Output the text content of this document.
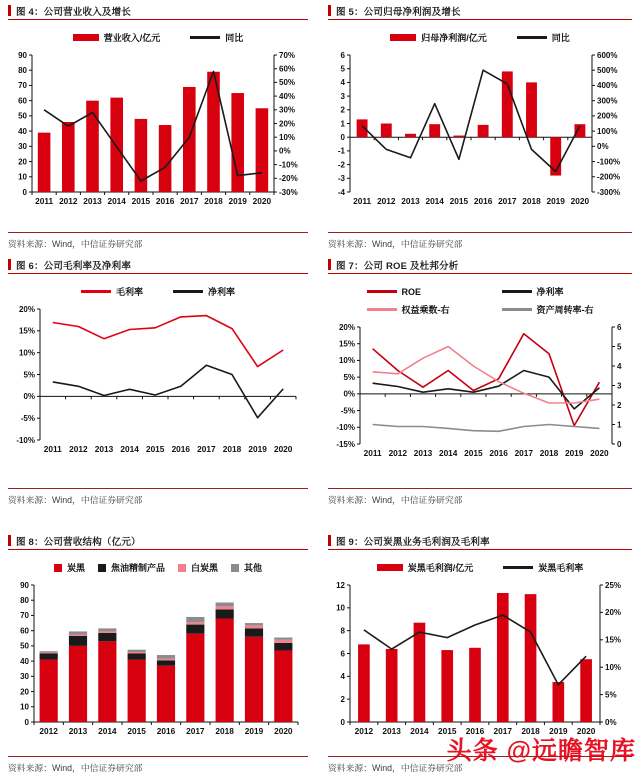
图 4：公司营业收入及增长
营业收入/亿元	同比
0
10
20
30
40
50
60
70
80
90
-30%
-20%
-10%
0%
10%
20%
30%
40%
50%
60%
70%
2011 2012 2013 2014 2015 2016 2017 2018 2019 2020
资料来源：Wind，中信证券研究部
图 5：公司归母净利润及增长
归母净利润/亿元	同比
-4
-3
-2
-1
0
1
2
3
4
5
6
-300%
-200%
-100%
0%
100%
200%
300%
400%
500%
600%
2011 2012 2013 2014 2015 2016 2017 2018 2019 2020
资料来源：Wind，中信证券研究部
图 6：公司毛利率及净利率
毛利率	净利率
-10%
-5%
0%
5%
10%
15%
20%
2011 2012 2013 2014 2015 2016 2017 2018 2019 2020
资料来源：Wind，中信证券研究部
图 7：公司 ROE 及杜邦分析
ROE	净利率
权益乘数-右	资产周转率-右
-15%
-10%
-5%
0%
5%
10%
15%
20%
0
1
2
3
4
5
6
2011 2012 2013 2014 2015 2016 2017 2018 2019 2020
资料来源：Wind，中信证券研究部
图 8：公司营收结构（亿元）
炭黑	焦油精制产品	白炭黑	其他
0
10
20
30
40
50
60
70
80
90
2012 2013 2014 2015 2016 2017 2018 2019 2020
资料来源：Wind，中信证券研究部
图 9：公司炭黑业务毛利润及毛利率
炭黑毛利润/亿元	炭黑毛利率
0
2
4
6
8
10
12
0%
5%
10%
15%
20%
25%
2012 2013 2014 2015 2016 2017 2018 2019 2020
资料来源：Wind，中信证券研究部
头条 @远瞻智库
